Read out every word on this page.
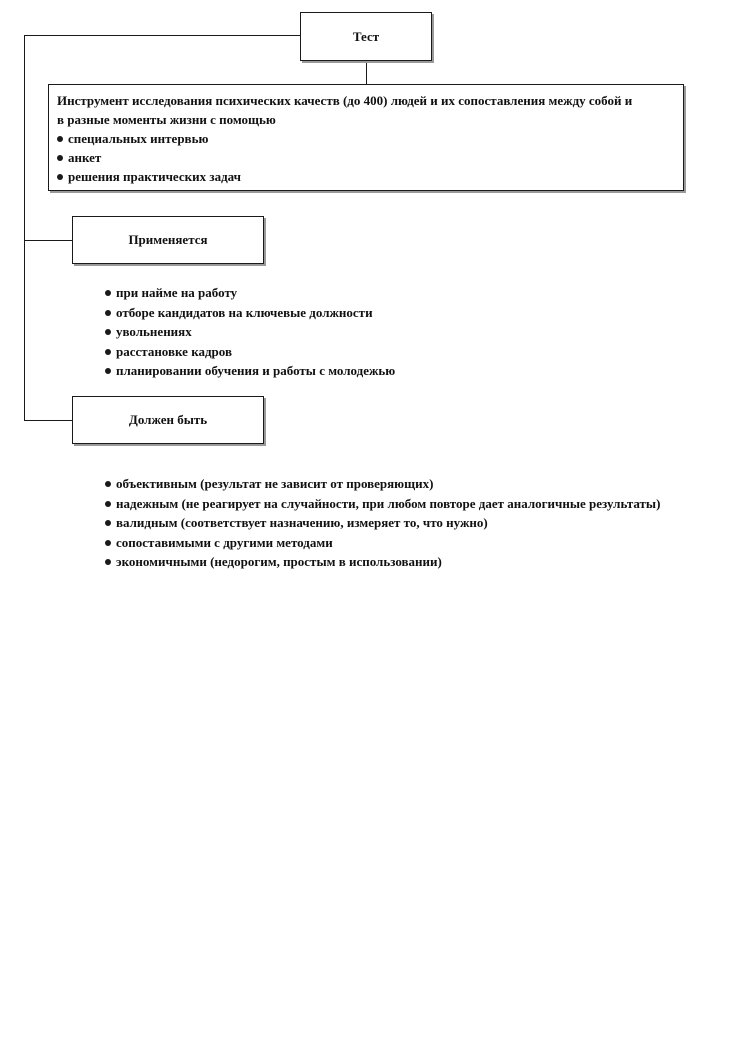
Тест
Инструмент исследования психических качеств (до 400) людей и их сопоставления между собой и в разные моменты жизни с помощью
специальных интервью
анкет
решения практических задач
Применяется
при найме на работу
отборе кандидатов на ключевые должности
увольнениях
расстановке кадров
планировании обучения и работы с молодежью
Должен быть
объективным (результат не зависит от проверяющих)
надежным (не реагирует на случайности, при любом повторе дает аналогичные результаты)
валидным (соответствует назначению, измеряет то, что нужно)
сопоставимыми с другими методами
экономичными (недорогим, простым в использовании)
